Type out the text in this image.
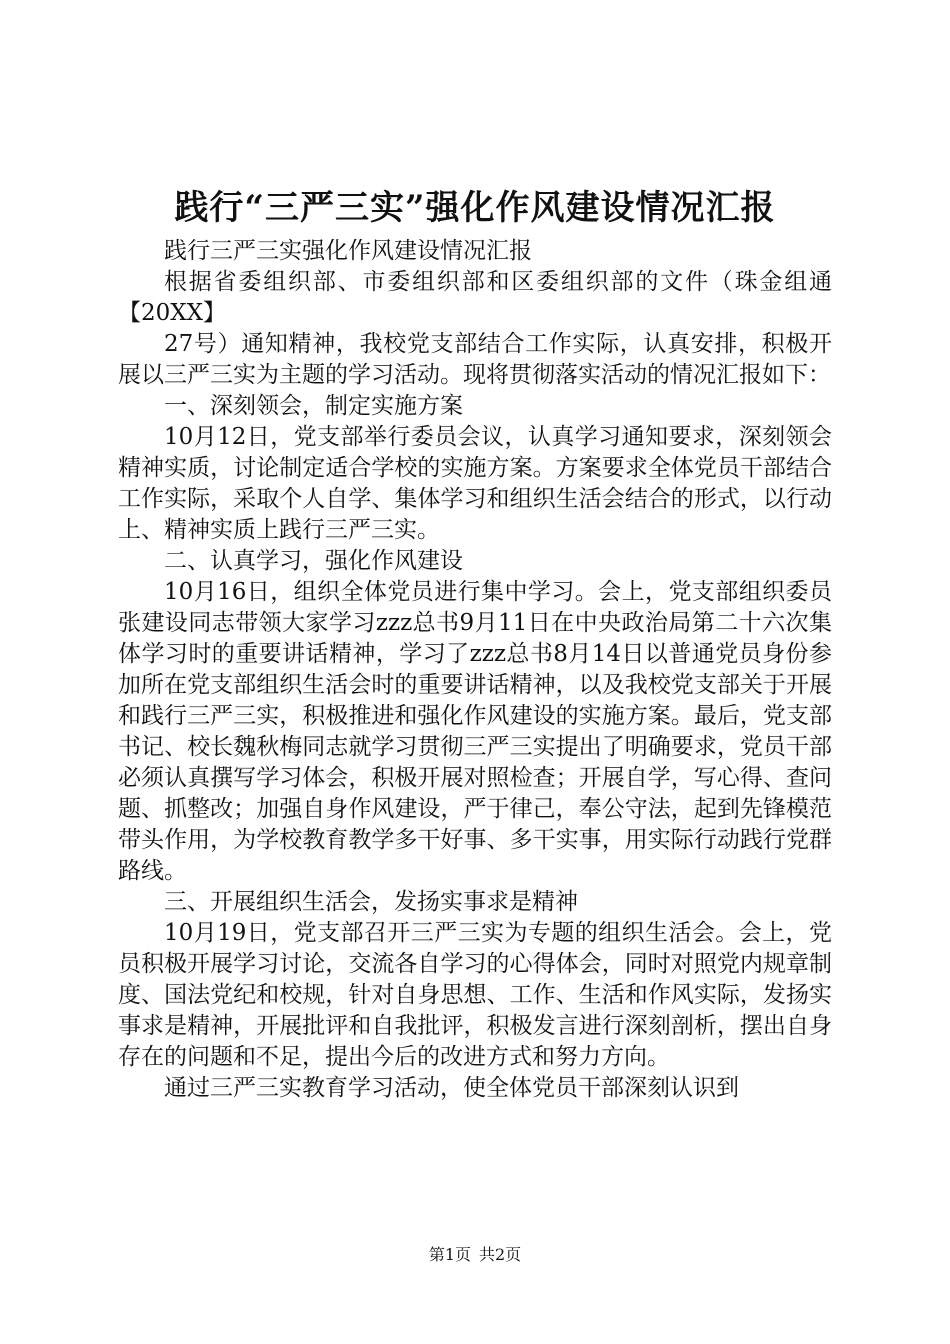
践行“三严三实”强化作风建设情况汇报

践行三严三实强化作风建设情况汇报

根据省委组织部、市委组织部和区委组织部的文件（珠金组通【20XX】

27号）通知精神，我校党支部结合工作实际，认真安排，积极开展以三严三实为主题的学习活动。现将贯彻落实活动的情况汇报如下：

一、深刻领会，制定实施方案

10月12日，党支部举行委员会议，认真学习通知要求，深刻领会精神实质，讨论制定适合学校的实施方案。方案要求全体党员干部结合工作实际，采取个人自学、集体学习和组织生活会结合的形式，以行动上、精神实质上践行三严三实。

二、认真学习，强化作风建设

10月16日，组织全体党员进行集中学习。会上，党支部组织委员张建设同志带领大家学习zzz总书9月11日在中央政治局第二十六次集体学习时的重要讲话精神，学习了zzz总书8月14日以普通党员身份参加所在党支部组织生活会时的重要讲话精神，以及我校党支部关于开展和践行三严三实，积极推进和强化作风建设的实施方案。最后，党支部书记、校长魏秋梅同志就学习贯彻三严三实提出了明确要求，党员干部必须认真撰写学习体会，积极开展对照检查；开展自学，写心得、查问题、抓整改；加强自身作风建设，严于律己，奉公守法，起到先锋模范带头作用，为学校教育教学多干好事、多干实事，用实际行动践行党群路线。

三、开展组织生活会，发扬实事求是精神

10月19日，党支部召开三严三实为专题的组织生活会。会上，党员积极开展学习讨论，交流各自学习的心得体会，同时对照党内规章制度、国法党纪和校规，针对自身思想、工作、生活和作风实际，发扬实事求是精神，开展批评和自我批评，积极发言进行深刻剖析，摆出自身存在的问题和不足，提出今后的改进方式和努力方向。

通过三严三实教育学习活动，使全体党员干部深刻认识到

第1页 共2页
